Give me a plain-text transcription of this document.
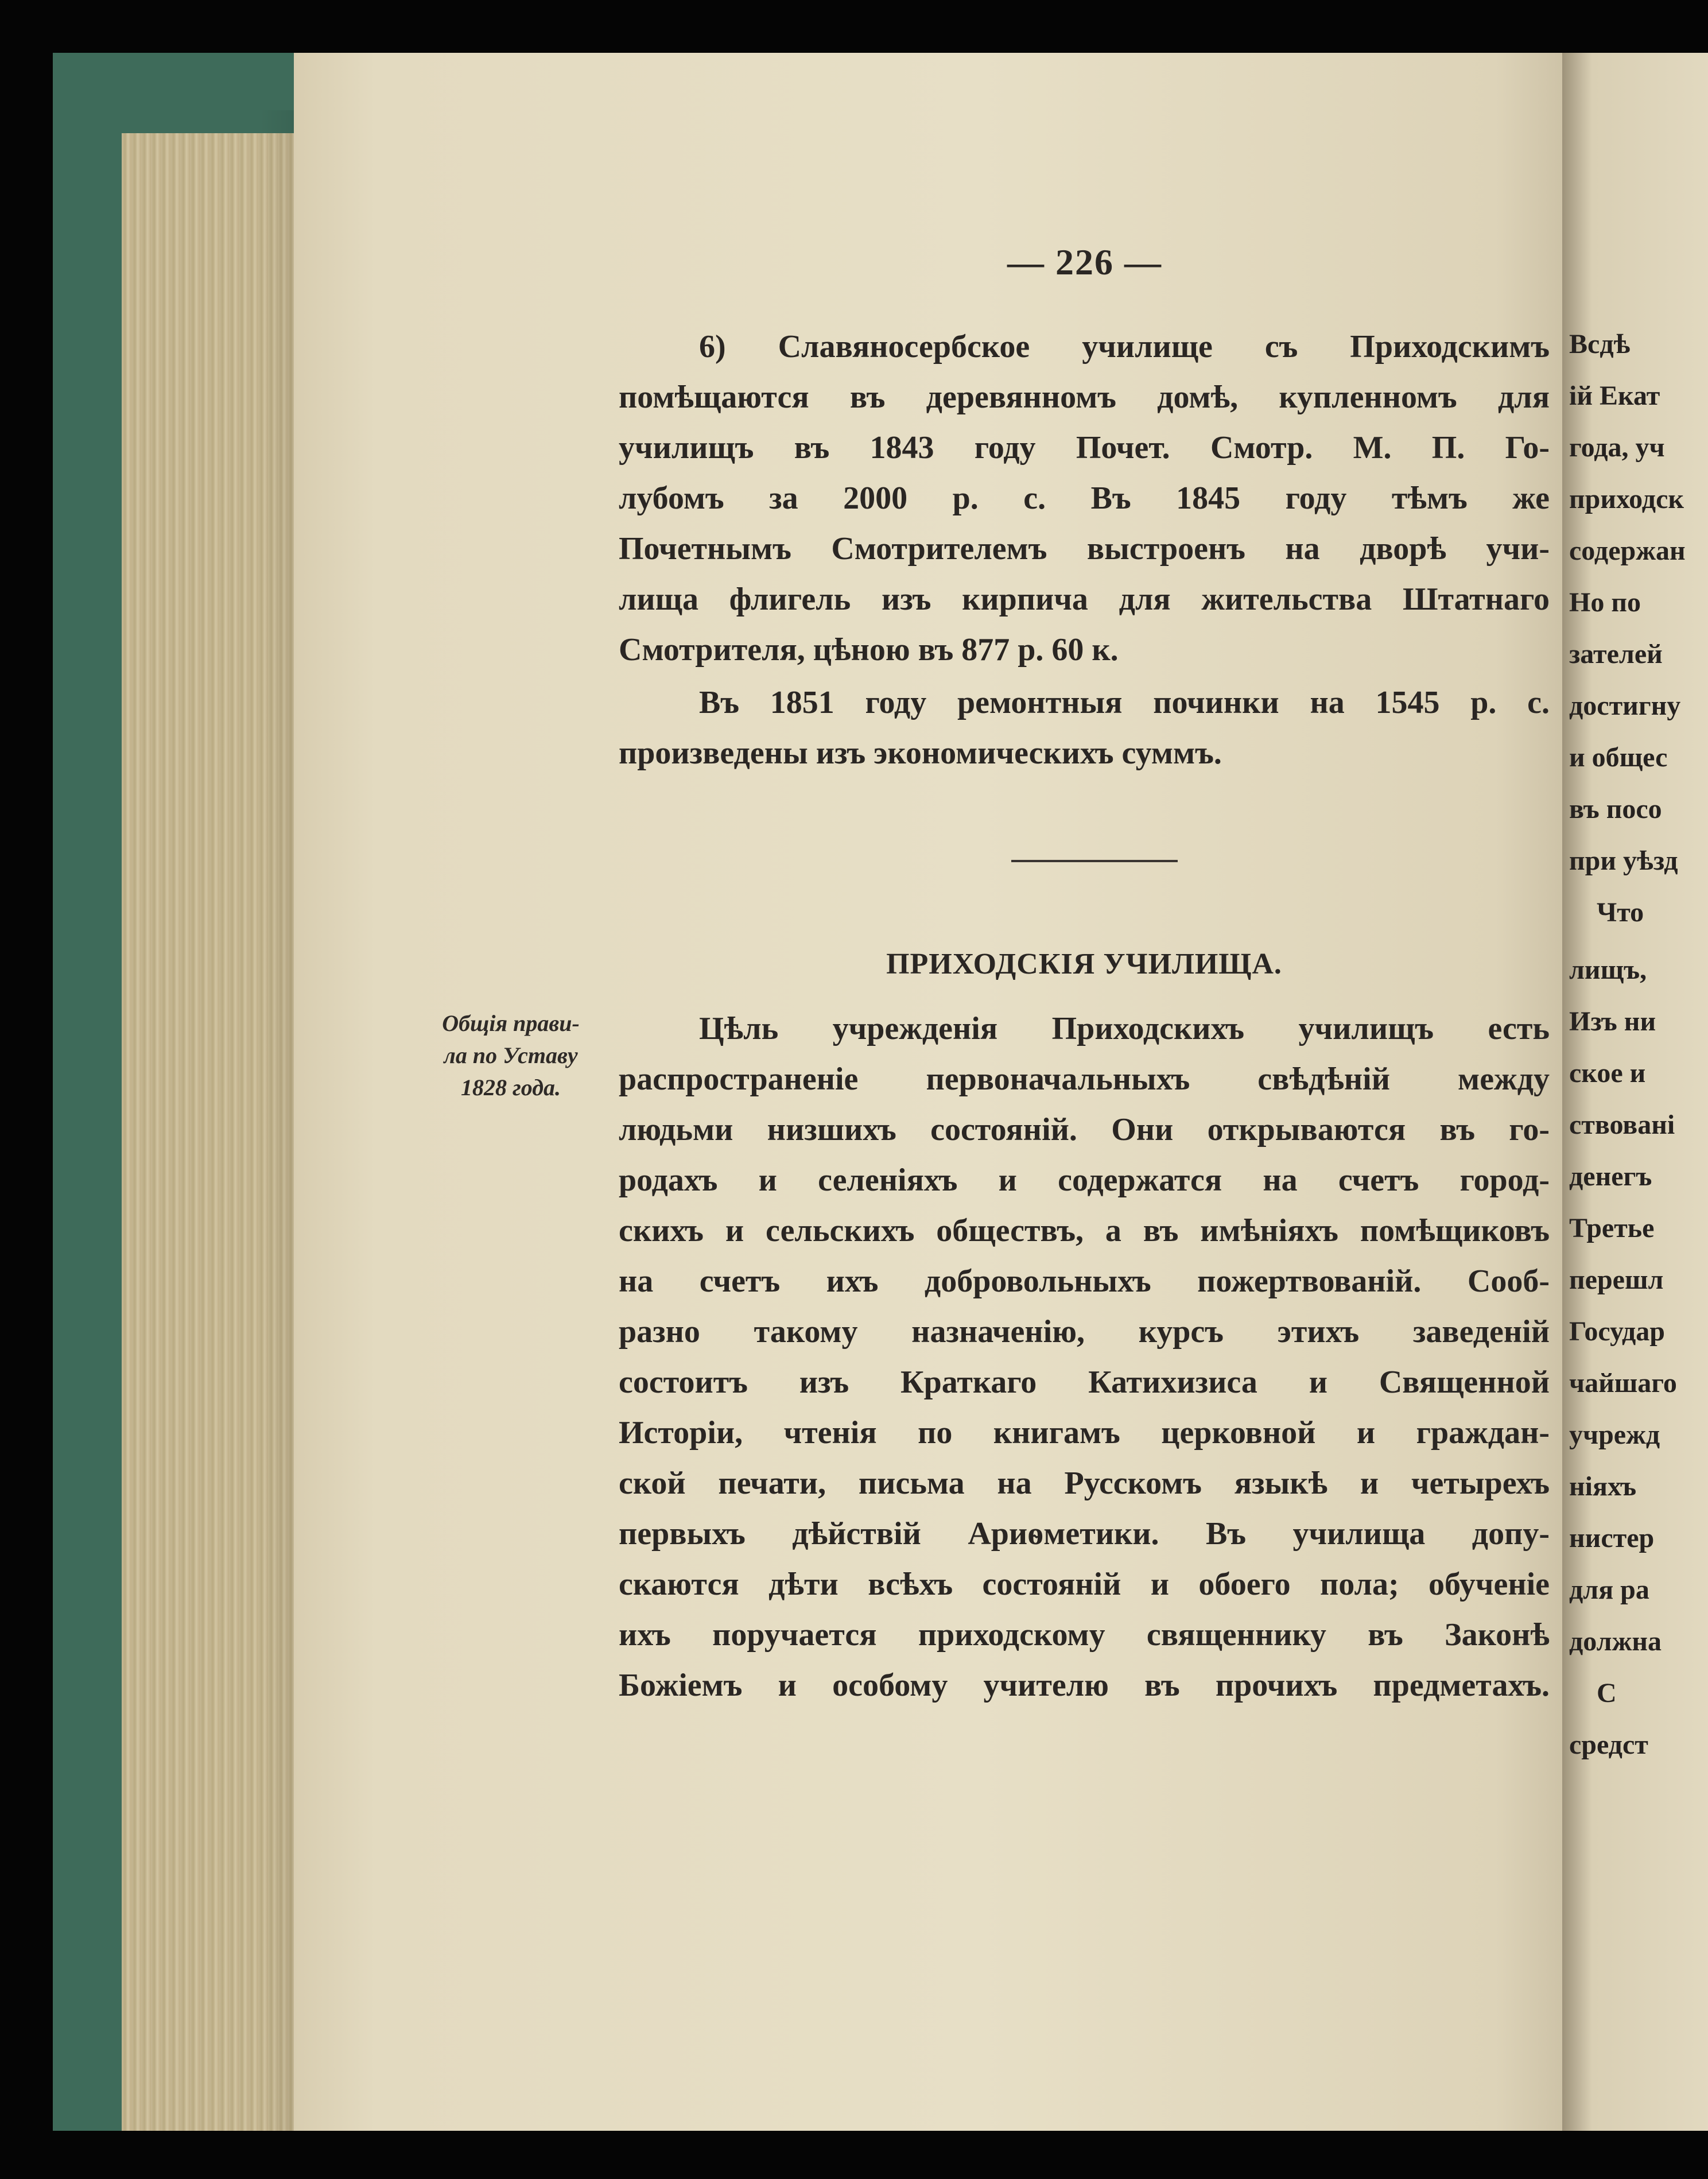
Всдѣ
ій Екат
года, уч
приходск
содержан
Но по
зателей
достигну
и общес
въ посо
при уѣзд
Что
лищъ,
Изъ ни
ское и
ствовані
денегъ
Третье
перешл
Государ
чайшаго
учрежд
ніяхъ
нистер
для ра
должна
С
средст
— 226 —
6) Славяносербское училище съ Приходскимъ
помѣщаются въ деревянномъ домѣ, купленномъ для
училищъ въ 1843 году Почет. Смотр. М. П. Го-
лубомъ за 2000 р. с. Въ 1845 году тѣмъ же
Почетнымъ Смотрителемъ выстроенъ на дворѣ учи-
лища флигель изъ кирпича для жительства Штатнаго
Смотрителя, цѣною въ 877 р. 60 к.
Въ 1851 году ремонтныя починки на 1545 р. с.
произведены изъ экономическихъ суммъ.
ПРИХОДСКІЯ УЧИЛИЩА.
Общія прави-
ла по Уставу
1828 года.
Цѣль учрежденія Приходскихъ училищъ есть
распространеніе первоначальныхъ свѣдѣній между
людьми низшихъ состояній. Они открываются въ го-
родахъ и селеніяхъ и содержатся на счетъ город-
скихъ и сельскихъ обществъ, а въ имѣніяхъ помѣщиковъ
на счетъ ихъ добровольныхъ пожертвованій. Сооб-
разно такому назначенію, курсъ этихъ заведеній
состоитъ изъ Краткаго Катихизиса и Священной
Исторіи, чтенія по книгамъ церковной и граждан-
ской печати, письма на Русскомъ языкѣ и четырехъ
первыхъ дѣйствій Ариѳметики. Въ училища допу-
скаются дѣти всѣхъ состояній и обоего пола; обученіе
ихъ поручается приходскому священнику въ Законѣ
Божіемъ и особому учителю въ прочихъ предметахъ.
